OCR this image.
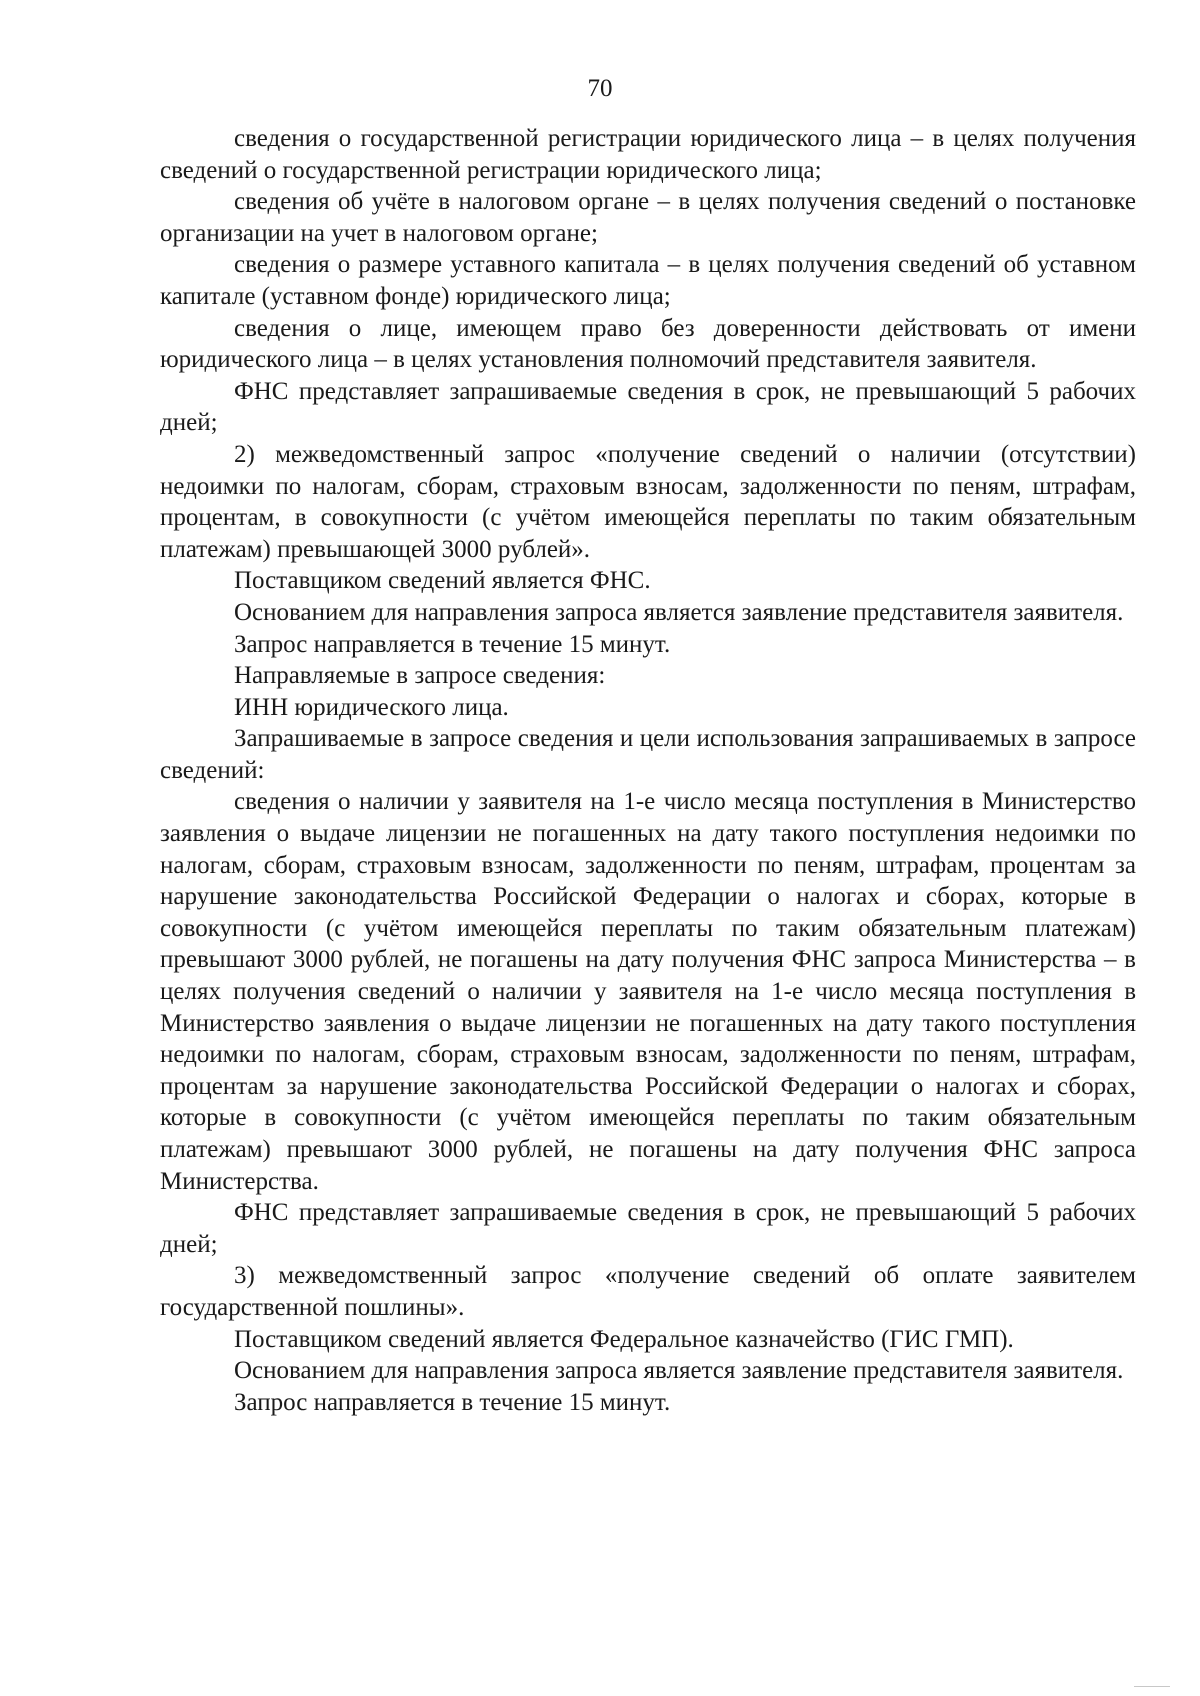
70

сведения о государственной регистрации юридического лица – в целях получения сведений о государственной регистрации юридического лица;

сведения об учёте в налоговом органе – в целях получения сведений о постановке организации на учет в налоговом органе;

сведения о размере уставного капитала – в целях получения сведений об уставном капитале (уставном фонде) юридического лица;

сведения о лице, имеющем право без доверенности действовать от имени юридического лица – в целях установления полномочий представителя заявителя.

ФНС представляет запрашиваемые сведения в срок, не превышающий 5 рабочих дней;

2) межведомственный запрос «получение сведений о наличии (отсутствии) недоимки по налогам, сборам, страховым взносам, задолженности по пеням, штрафам, процентам, в совокупности (с учётом имеющейся переплаты по таким обязательным платежам) превышающей 3000 рублей».

Поставщиком сведений является ФНС.

Основанием для направления запроса является заявление представителя заявителя.

Запрос направляется в течение 15 минут.

Направляемые в запросе сведения:

ИНН юридического лица.

Запрашиваемые в запросе сведения и цели использования запрашиваемых в запросе сведений:

сведения о наличии у заявителя на 1-е число месяца поступления в Министерство заявления о выдаче лицензии не погашенных на дату такого поступления недоимки по налогам, сборам, страховым взносам, задолженности по пеням, штрафам, процентам за нарушение законодательства Российской Федерации о налогах и сборах, которые в совокупности (с учётом имеющейся переплаты по таким обязательным платежам) превышают 3000 рублей, не погашены на дату получения ФНС запроса Министерства – в целях получения сведений о наличии у заявителя на 1-е число месяца поступления в Министерство заявления о выдаче лицензии не погашенных на дату такого поступления недоимки по налогам, сборам, страховым взносам, задолженности по пеням, штрафам, процентам за нарушение законодательства Российской Федерации о налогах и сборах, которые в совокупности (с учётом имеющейся переплаты по таким обязательным платежам) превышают 3000 рублей, не погашены на дату получения ФНС запроса Министерства.

ФНС представляет запрашиваемые сведения в срок, не превышающий 5 рабочих дней;

3) межведомственный запрос «получение сведений об оплате заявителем государственной пошлины».

Поставщиком сведений является Федеральное казначейство (ГИС ГМП).

Основанием для направления запроса является заявление представителя заявителя.

Запрос направляется в течение 15 минут.
